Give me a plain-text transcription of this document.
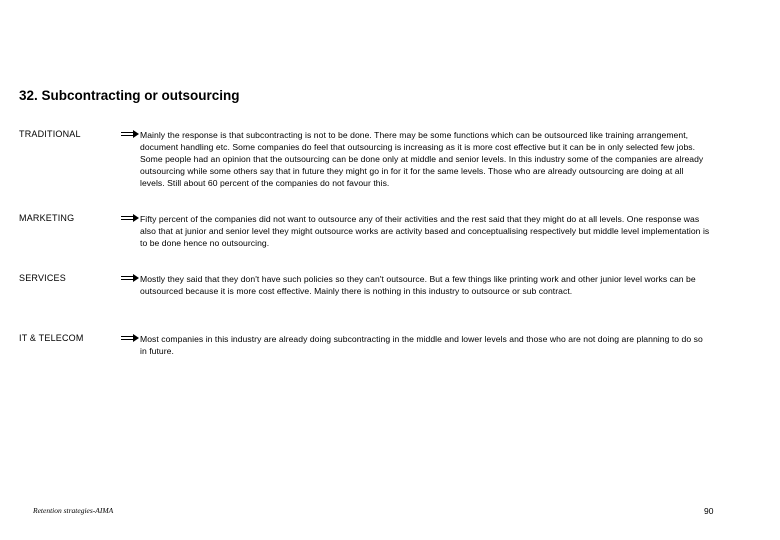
32. Subcontracting or outsourcing
TRADITIONAL	Mainly the response is that subcontracting is not to be done. There may be some functions which can be outsourced like training arrangement, document handling etc. Some companies do feel that outsourcing is increasing as it is more cost effective but it can be in only selected few jobs. Some people had an opinion that the outsourcing can be done only at middle and senior levels. In this industry some of the companies are already outsourcing while some others say that in future they might go in for it for the same levels. Those who are already outsourcing are doing at all levels. Still about 60 percent of the companies do not favour this.
MARKETING	Fifty percent of the companies did not want to outsource any of their activities and the rest said that they might do at all levels. One response was also that at junior and senior level they might outsource works are activity based and conceptualising respectively but middle level implementation is to be done hence no outsourcing.
SERVICES	Mostly they said that they don't have such policies so they can't outsource. But a few things like printing work and other junior level works can be outsourced because it is more cost effective. Mainly there is nothing in this industry to outsource or sub contract.
IT & TELECOM	Most companies in this industry are already doing subcontracting in the middle and lower levels and those who are not doing are planning to do so in future.
Retention strategies-AIMA	90
